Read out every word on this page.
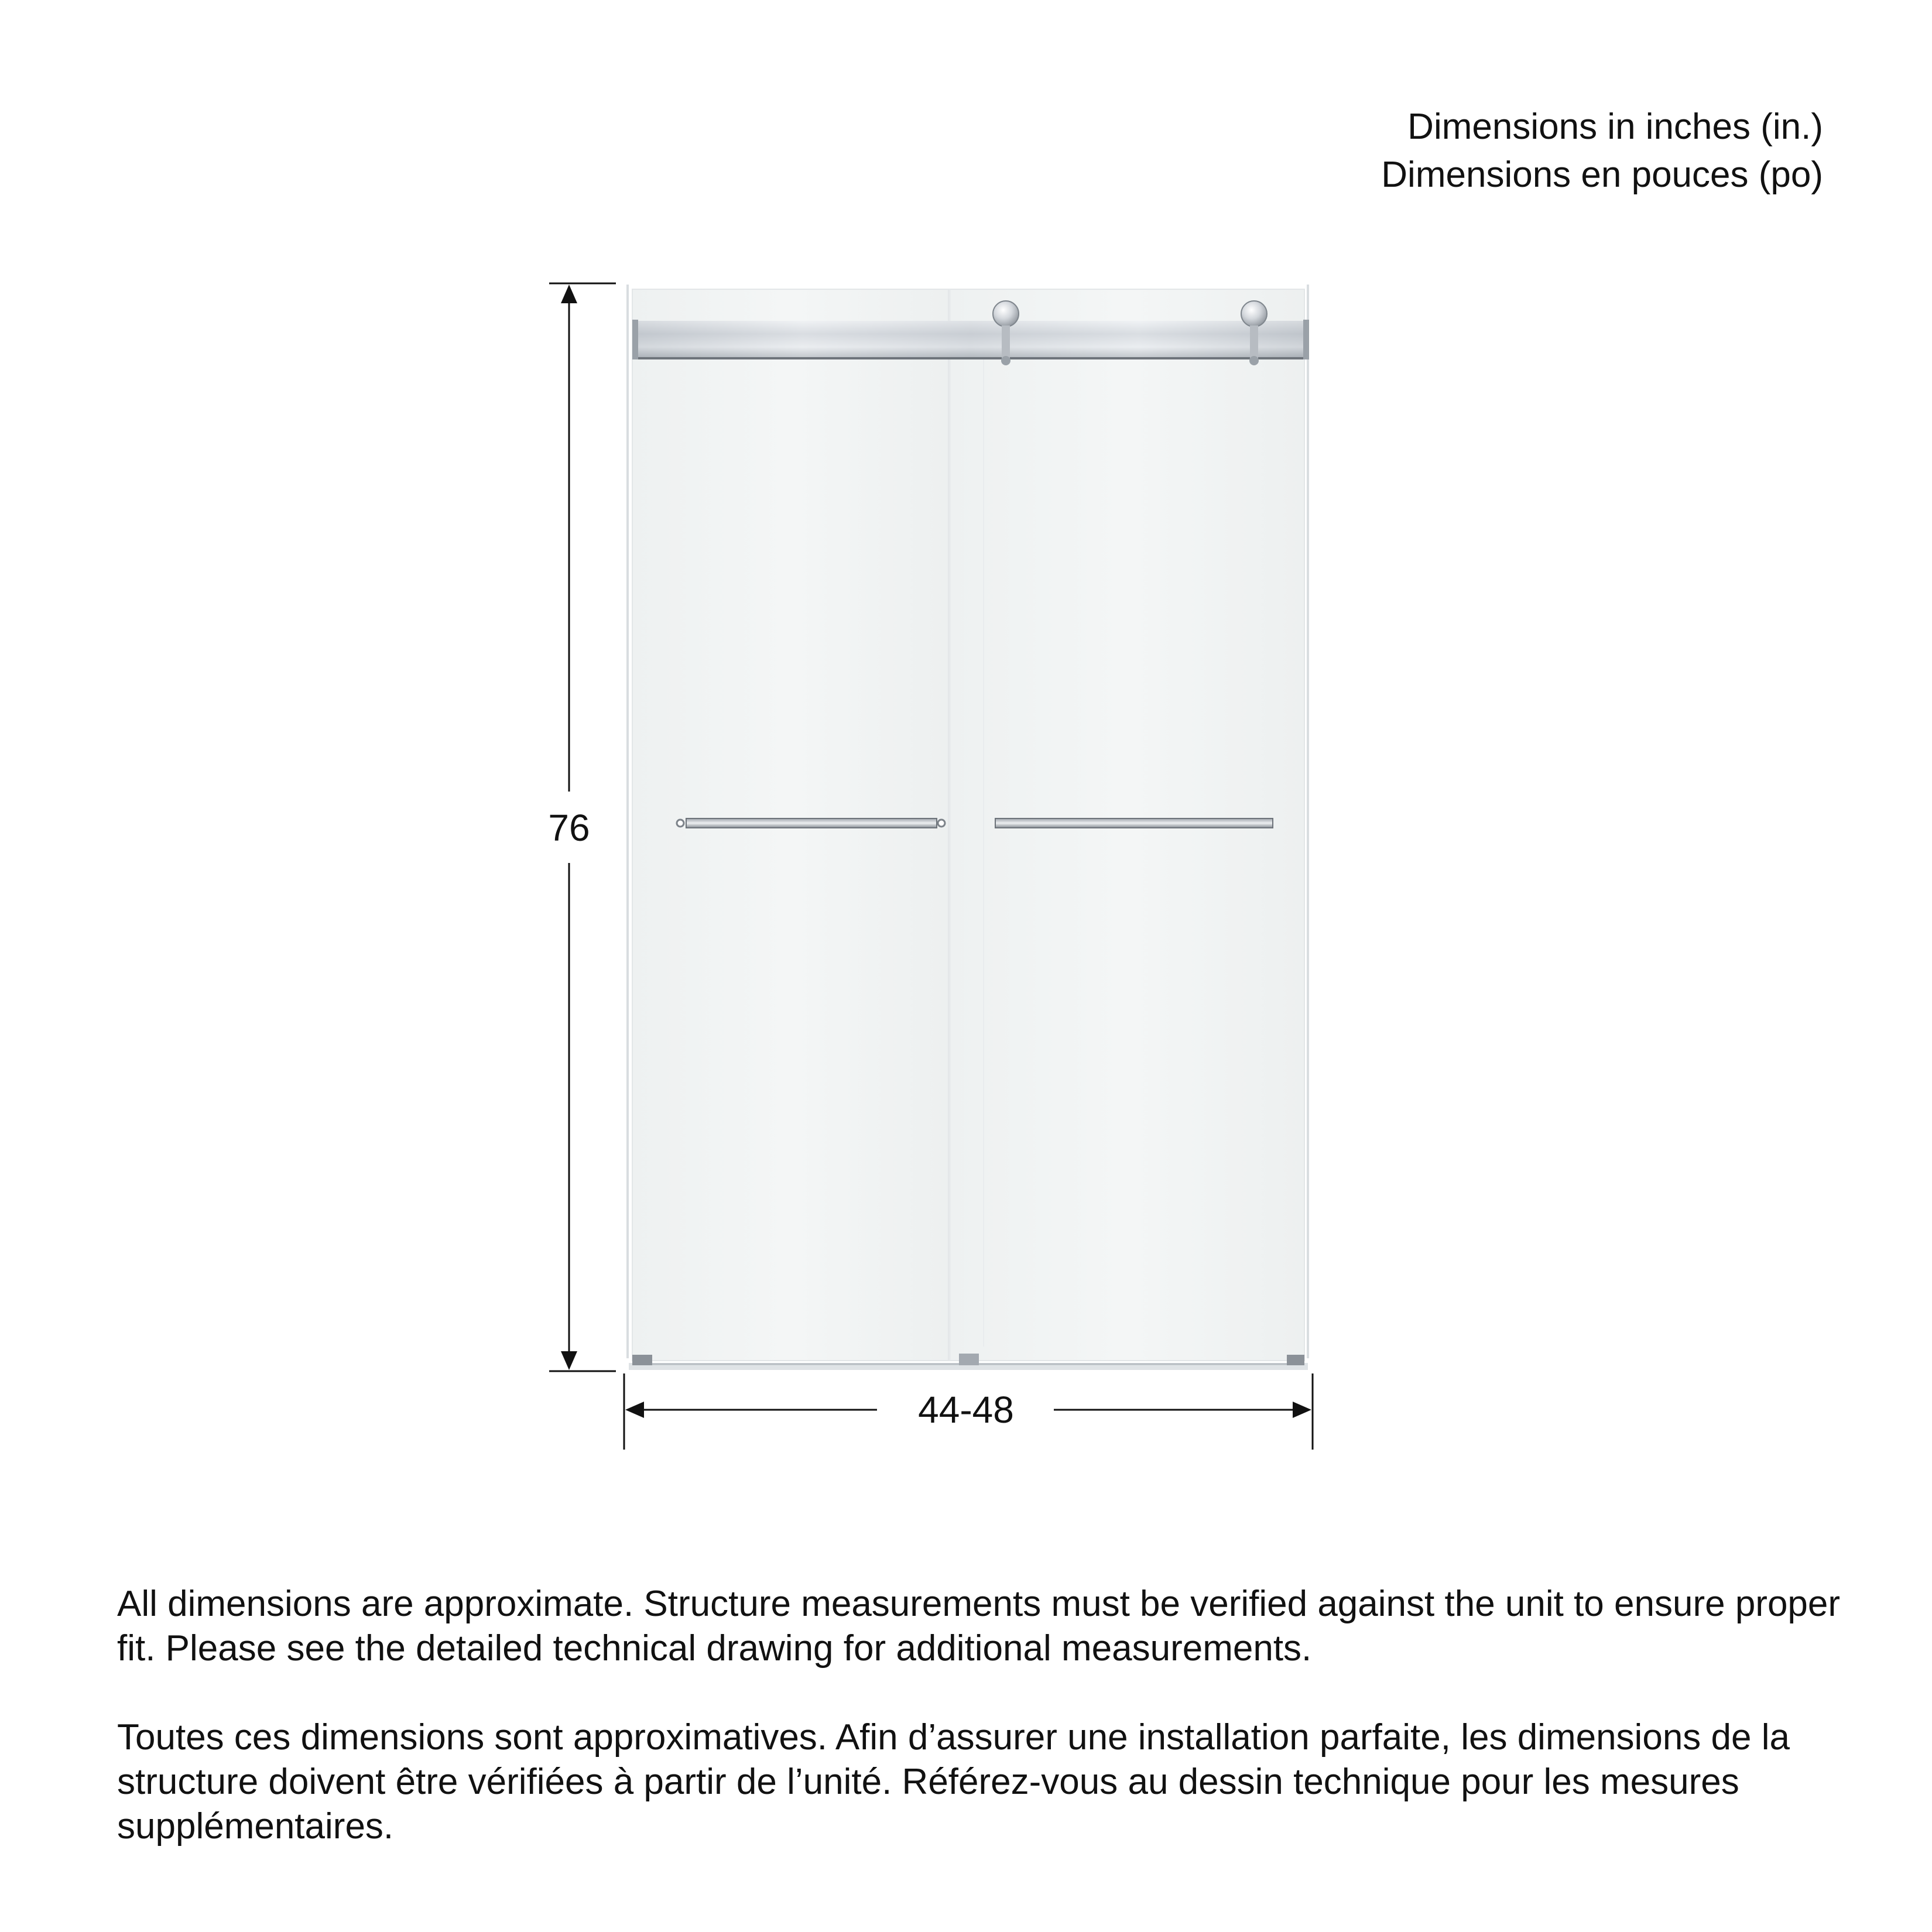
Dimensions in inches (in.)
Dimensions en pouces (po)
76
44-48

All dimensions are approximate. Structure measurements must be verified against the unit to ensure proper fit. Please see the detailed technical drawing for additional measurements.

Toutes ces dimensions sont approximatives. Afin d’assurer une installation parfaite, les dimensions de la structure doivent être vérifiées à partir de l’unité. Référez-vous au dessin technique pour les mesures supplémentaires.
